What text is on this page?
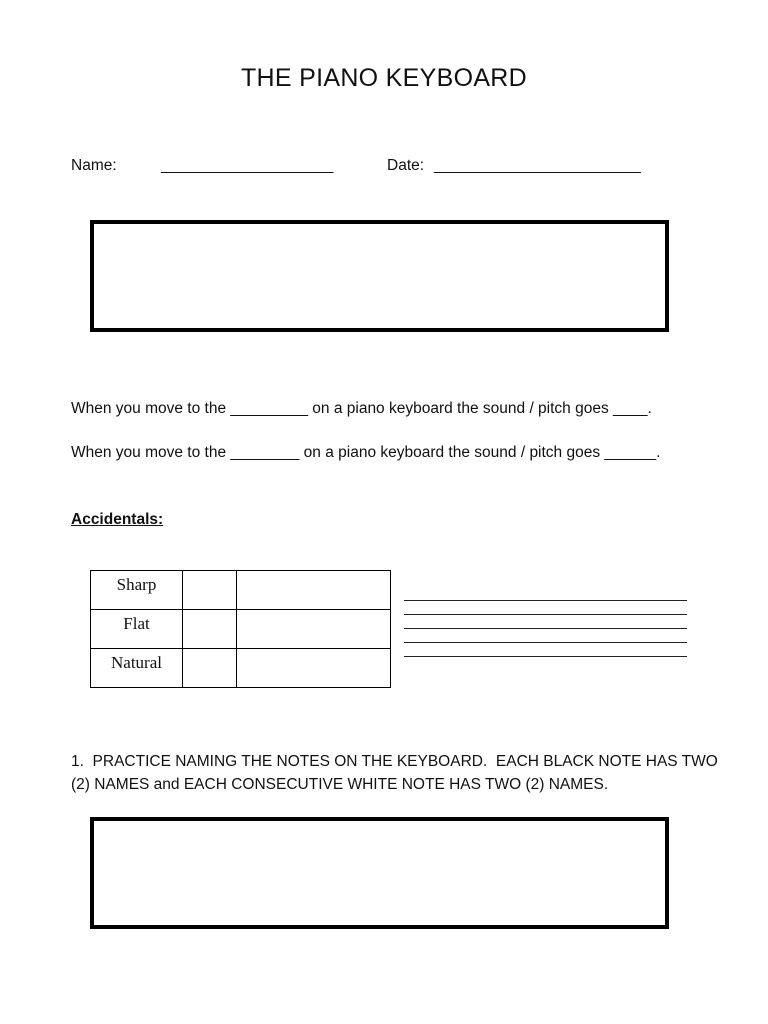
THE PIANO KEYBOARD
Name:	____________________	Date: ________________________
When you move to the _________ on a piano keyboard the sound / pitch goes ____.
When you move to the ________ on a piano keyboard the sound / pitch goes ______.
Accidentals:
Sharp		
Flat		
Natural		
1.  PRACTICE NAMING THE NOTES ON THE KEYBOARD.  EACH BLACK NOTE HAS TWO
(2) NAMES and EACH CONSECUTIVE WHITE NOTE HAS TWO (2) NAMES.
